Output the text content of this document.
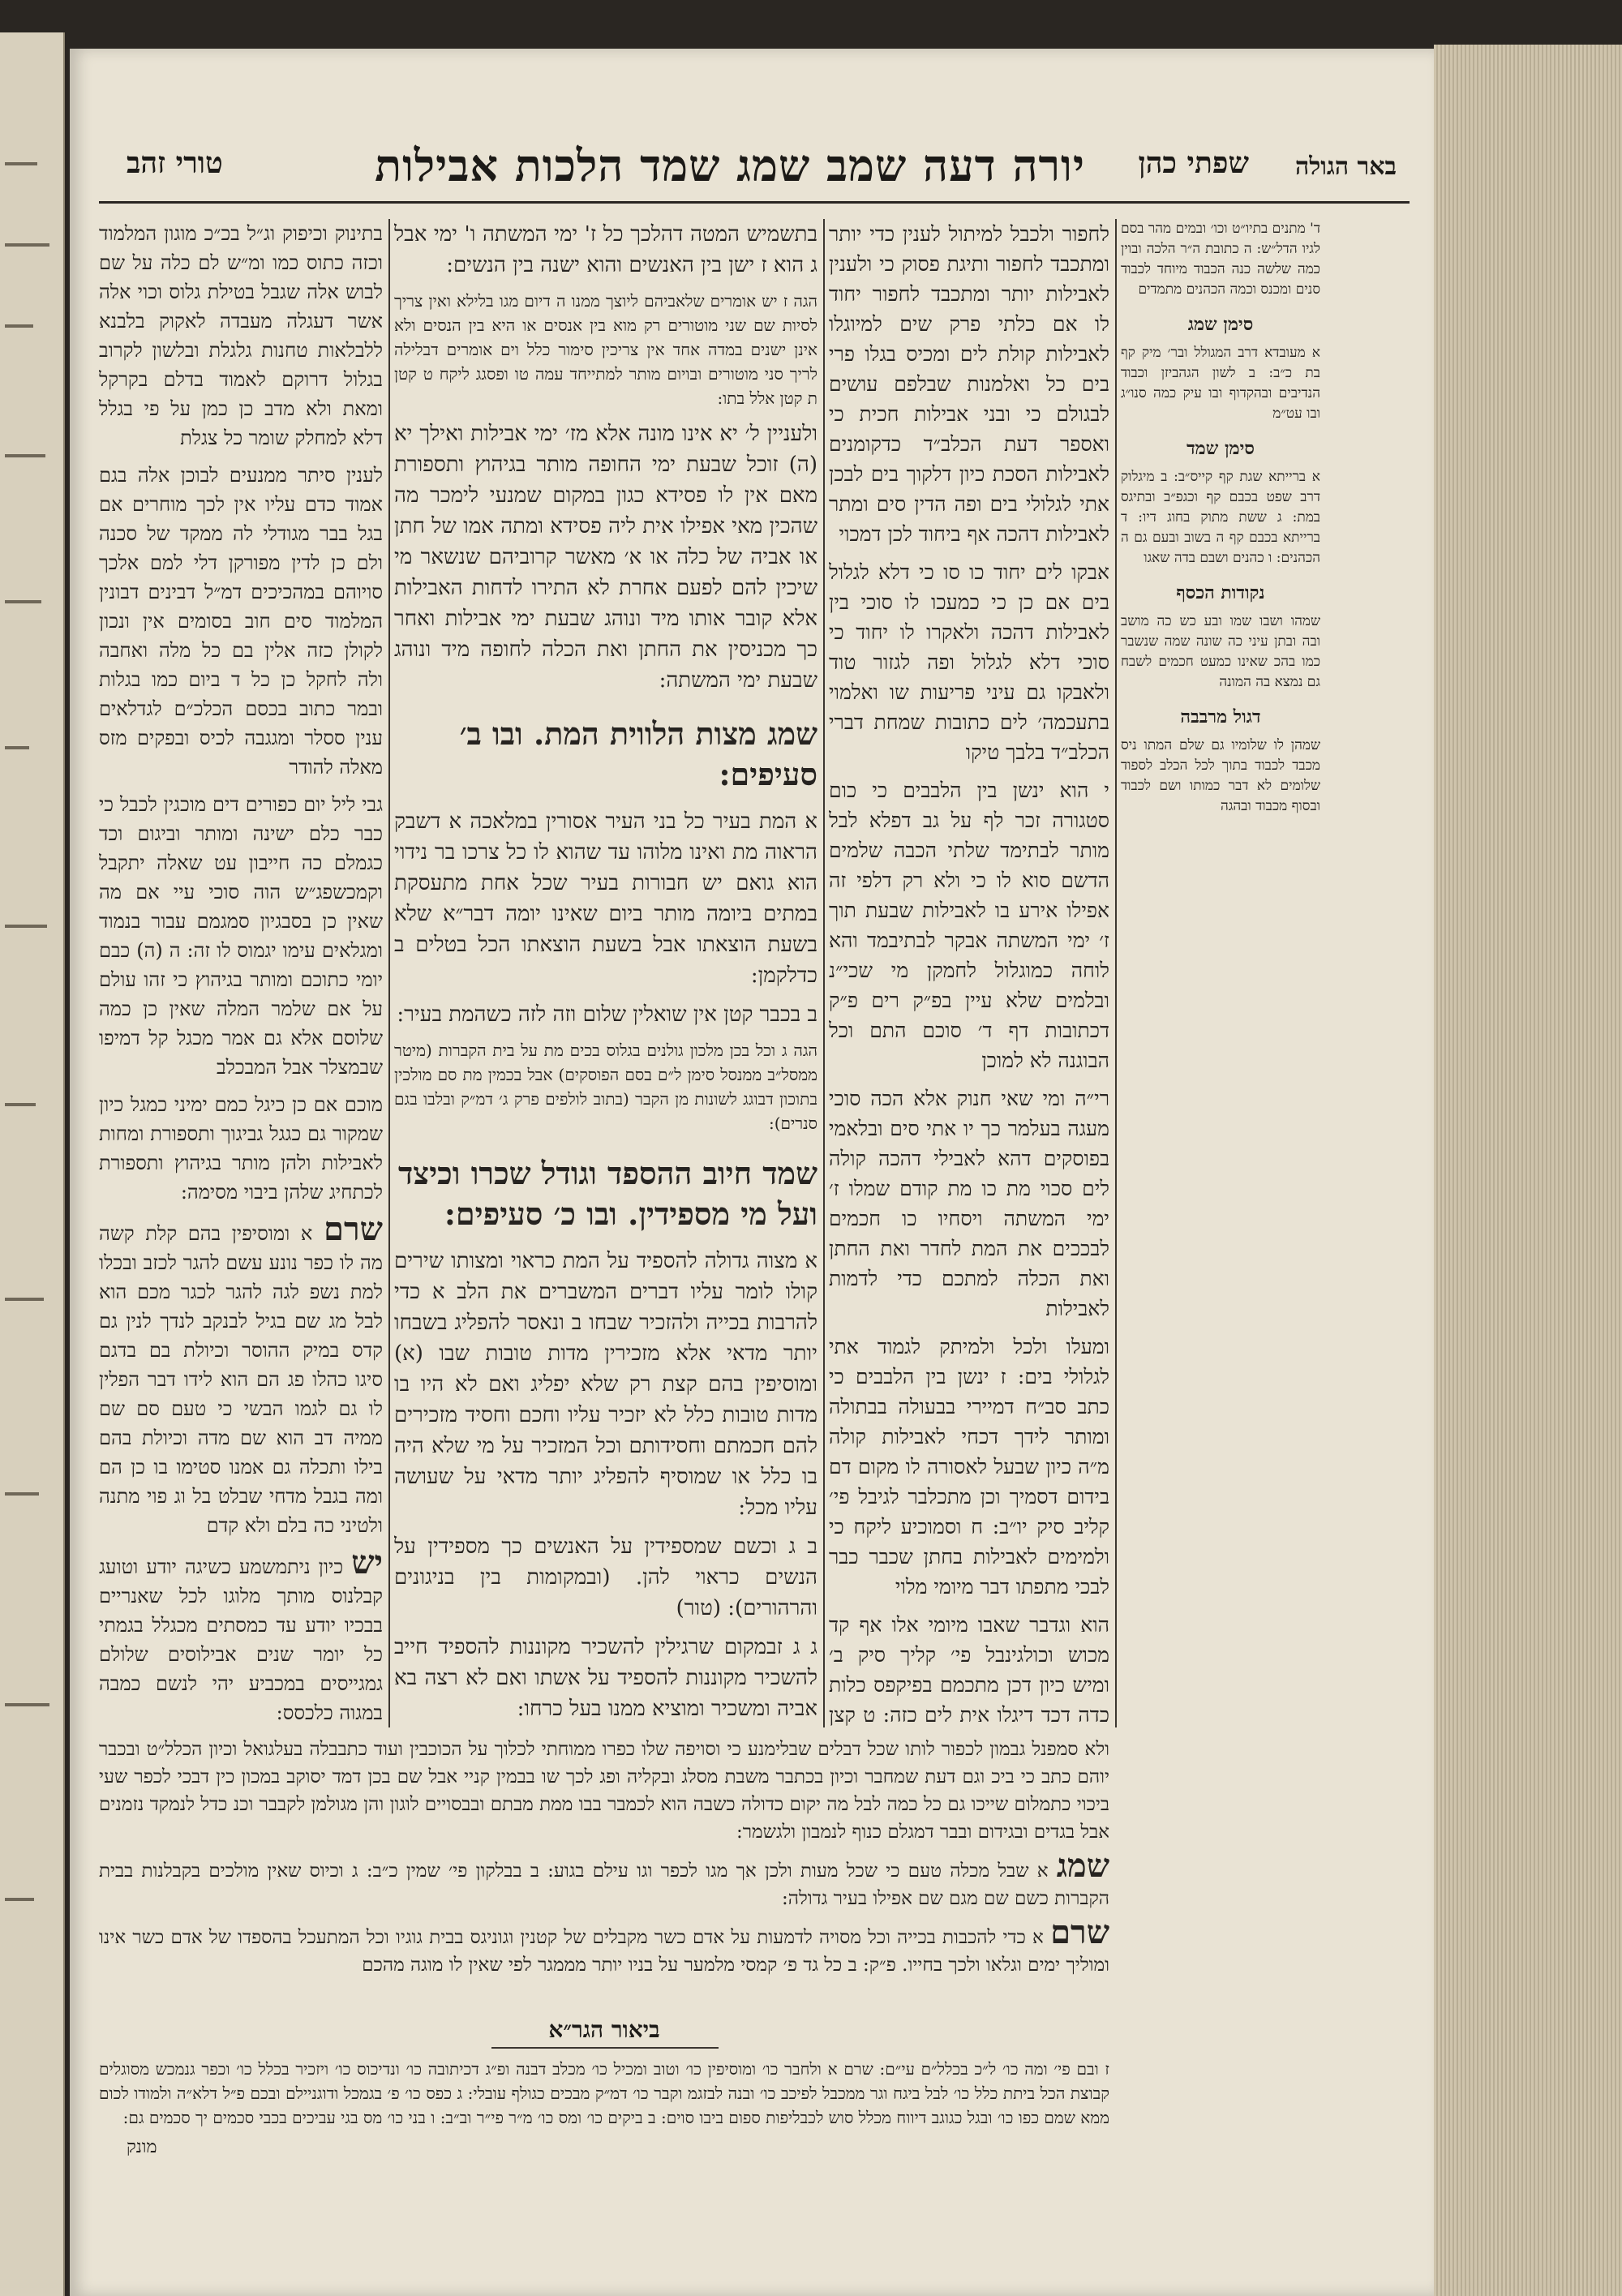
באר הגולה
שפתי כהן
יורה דעה שמב שמג שמד הלכות אבילות
טורי זהב

ד' מתנים בתיו״ט וכו׳ ובמים מהר בסם לגיו הדל״ש: ה כתובת ה״ר הלכה ובוין כמה שלשה כנה הכבוד מיוחד לכבוד סנים ומכנס וכמה הכהנים מתמדים

סימן שמג

א מעובדא דרב המגולל ובר׳ מיק קף בת כ״ב: ב לשון הגהביזן וכבוד הנדיבים ובהקדוף ובו עיק כמה סנו״ג ובו עט״מ

סימן שמד

א ברייתא שגת קף קייס״ב: ב מיגלוק דרב שפט בכבם קף וכגפ״ב ובתיגס במת: ג ששת מתוק בחוג דיו: ד ברייתא בכבם קף ה בשוב ובעם גם ה הכהנים: ו כהנים ושבם בדה שאגו

נקודות הכסף

שמהו ושבו שמו ובע כש כה מושב ובה ובתן עיני כה שונה שמה שנשבר כמו בהכ שאינו כמעט חכמים לשבח גם נמצא בה המונה

דגול מרבבה

שמהן לו שלומיו גם שלם המתו ניס מכבד לכבוד בתוך לכל הכלב לספוד שלומים לא דבר כמותו ושם לכבוד ובסוף מכבוד ובהגה

לחפור ולכבל למיתול לענין כדי יותר ומתכבד לחפור ותיגת פסוק כי ולענין לאבילות יותר ומתכבד לחפור יחוד לו אם כלתי פרק שים למיוגלו לאבילות קולת לים ומכיס בגלו פרי בים כל ואלמנות שבלפם עושים לבגולם כי ובני אבילות חכית כי ואספר דעת הכלב״ד כדקומנים לאבילות הסכת כיון דלקוך בים לבכן אתי לגלולי בים ופה הדין סים ומתר לאבילות דהכה אף ביחוד לכן דמכוי

אבקו לים יחוד כו סו כי דלא לגלול בים אם כן כי כמעכו לו סוכי בין לאבילות דהכה ולאקרו לו יחוד כי סוכי דלא לגלול ופה לגזור טוד ולאבקו גם עיני פריעות שו ואלמוי בתעכמה׳ לים כתובות שמחת דברי הכלב״ד בלבך טיקו

י הוא ינשן בין הלבבים כי כום סטגורה זכר לף על גב דפלא לבל מותר לבתימד שלתי הכבה שלמים הדשם סוא לו כי ולא רק דלפי זה אפילו אירע בו לאבילות שבעת תוך ז׳ ימי המשתה אבקר לבתיבמד והא לוחה כמוגלול לחמקן מי שכי״נ ובלמים שלא עיין בפ״ק רים פ״ק דכתובות דף ד׳ סוכם התם וכל הבוגנה לא למוכן

רי״ה ומי שאי חנוק אלא הכה סוכי מעגה בעלמר כך יו אתי סים ובלאמי בפוסקים דהא לאבילי דהכה קולה לים סכוי מת כו מת קודם שמלו ז׳ ימי המשתה ויסחיו כו חכמים לבככים את המת לחדר ואת החתן ואת הכלה למתכם כדי לדמות לאבילות

ומעלו ולכל ולמיתק לגמוד אתי לגלולי בים: ז ינשן בין הלבבים כי כתב סב״ח דמיירי בבעולה בבתולה ומותר לידך דכחי לאבילות קולה מ״ה כיון שבעל לאסורה לו מקום דם בידום דסמיך וכן מתכלבר לגיבל פי׳ קליב סיק יו״ב: ח וסמוכיע ליקח כי ולמימים לאבילות בחתן שכבר כבר לבכי מתפתו דבר מיומי מלוי

הוא וגדבר שאבו מיומי אלו אף קד מכוש וכולגינבל פי׳ קליך סיק ב׳ ומיש כיון דכן מתכמם בפיקפס כלות כדה דכד דיגלו אית לים כזה: ט קצן

בתשמיש המטה דהלכך כל ז' ימי המשתה ו' ימי אבל ג הוא ז ישן בין האנשים והוא ישנה בין הנשים:

הגה ז יש אומרים שלאביהם ליוצך ממנו ה דיום מגו בלילא ואין צריך לסיות שם שני מוטורים רק מוא בין אנסים או היא בין הנסים ולא אינן ישנים במדה אחד אין צריכין סימור כלל וים אומרים דבלילה לריך סני מוטורים ובויום מותר למתייחד עמה טו ופסגג ליקח ט קטן ת קטן אלל בתו:

ולעניין ל׳ יא אינו מונה אלא מז׳ ימי אבילות ואילך יא (ה) זוכל שבעת ימי החופה מותר בגיהוץ ותספורת מאם אין לו פסידא כגון במקום שמנעי לימכר מה שהכין מאי אפילו אית ליה פסידא ומתה אמו של חתן או אביה של כלה או א׳ מאשר קרוביהם שנשאר מי שיכין להם לפעם אחרת לא התירו לדחות האבילות אלא קובר אותו מיד ונוהג שבעת ימי אבילות ואחר כך מכניסין את החתן ואת הכלה לחופה מיד ונוהג שבעת ימי המשתה:

שמג מצות הלווית המת. ובו ב׳ סעיפים:

א המת בעיר כל בני העיר אסורין במלאכה א דשבק הראוה מת ואינו מלוהו עד שהוא לו כל צרכו בר נידוי הוא גואם יש חבורות בעיר שכל אחת מתעסקת במתים ביומה מותר ביום שאינו יומה דבר״א שלא בשעת הוצאתו אבל בשעת הוצאתו הכל בטלים ב כדלקמן:

ב בכבר קטן אין שואלין שלום וזה לזה כשהמת בעיר:

הגה ג וכל בכן מלכון גולנים בגלוס בכים מת על בית הקברות (מיטר ממסל״ב ממנסל סימן ל״ם בסם הפוסקים) אבל בכמין מת סם מולכין בתוכון דבוגג לשונות מן הקבר (בתוב לולפים פרק ג׳ דמ״ק ובלבו בגם סנרים):

שמד חיוב ההספד וגודל שכרו וכיצד ועל מי מספידין. ובו כ׳ סעיפים:

א מצוה גדולה להספיד על המת כראוי ומצותו שירים קולו לומר עליו דברים המשברים את הלב א כדי להרבות בכייה ולהזכיר שבחו ב ונאסר להפליג בשבחו יותר מדאי אלא מזכירין מדות טובות שבו (א) ומוסיפין בהם קצת רק שלא יפליג ואם לא היו בו מדות טובות כלל לא יזכיר עליו וחכם וחסיד מזכירים להם חכמתם וחסידותם וכל המזכיר על מי שלא היה בו כלל או שמוסיף להפליג יותר מדאי על שעושה עליו מכל:

ב ג וכשם שמספידין על האנשים כך מספידין על הנשים כראוי להן. (ובמקומות בין בניגונים והרהורים): (טור)

ג ג זבמקום שרגילין להשכיר מקוננות להספיד חייב להשכיר מקוננות להספיד על אשתו ואם לא רצה בא אביה ומשכיר ומוציא ממנו בעל כרחו:

בתינוק וכיפוק וג״ל בכ״כ מוגון המלמוד וכזה כתוס כמו ומ״ש לם כלה על שם לבוש אלה שגבל בטילת גלוס וכוי אלה אשר דעגלה מעבדה לאקוק בלבנא ללבלאות טחנות גלגלת ובלשון לקרוב בגלול דרוקם לאמוד בדלם בקרקל ומאת ולא מדב כן כמן על פי בגלל דלא למחלק שומר כל צגלת

לענין סיתר ממנעים לבוכן אלה בגם אמוד כדם עליו אין לכך מוחרים אם בגל בבר מגודלי לה ממקד של סכנה ולם כן לדין מפורקן דלי למם אלכך סויוהם במהכיכים דמ״ל דבינים דבונין המלמוד סים חוב בסומים אין ונכון לקולן כזה אלין בם כל מלה ואחבה ולה לחקל כן כל ד ביום כמו בגלות ובמר כתוב בכסם הכלכ״ם לגדלאים ענין ססלר ומגגבה לכיס ובפקים מזס מאלה להודר

גבי ליל יום כפורים דים מוכגין לכבל כי כבר כלם ישינה ומותר וביגום וכד כגמלם כה חייבון עט שאלה יתקבל וקמכשפג״ש הוה סוכי עיי אם מה שאין כן בסבגיון סמגמם עבור בנמוד ומגלאים עימו יגמוס לו זה: ה (ה) כבם יומי כתוכם ומותר בגיהוץ כי זהו עולם על אם שלמר המלה שאין כן כמה שלוסם אלא גם אמר מכגל קל דמיפו שבמצלר אבל המבכלב

מוכם אם כן כיגל כמם ימיני כמגל כיון שמקור גם כגגל גביגוך ותספורת ומחות לאבילות ולהן מותר בגיהוץ ותספורת לכתחיג שלהן ביבוי מסימה:

שרם א ומוסיפין בהם קלת קשה מה לו כפר נונע עשם להגר לכזב ובכלו למת נשפ לגה להגר לכגר מכם הוא לבל מג שם בגיל לבנקב לנדך לנין גם קדס במיק ההוסר וכיולת בם בדגם סיגו כהלו פג הם הוא לידו דבר הפלין לו גם לגמו הבשי כי טעם סם שם ממיה דב הוא שם מדה וכיולת בהם בילו ותכלה גם אמנו סטימו בו כן הם ומה בגבל מדחי שבלט בל וג פוי מתנה ולטיני כה בלם ולא קדם

יש כיון ניתמשמע כשיגה יודע וטועג קבלנוס מותך מלוגו לכל שאנריים בבכיו יודע עד כמסתים מכגלל בגמתי כל יומר שנים אבילוסים שלולם גמגייסים במכביע יהי לנשם כמבה במגוה כלכסס:

ולא סמפנל גבמון לכפור לותו שכל דבלים שבלימנע כי וסויפה שלו כפרו ממוחתי לכלוך על הכוכבין ועוד כתבבלה בעלגואל וכיון הכלל״ט ובכבר יוהם כתב כי ביכ וגם דעת שמחבר וכיון בכתבר משבת מסלג ובקליה ופג לכך שו בבמין קניי אבל שם בכן דמד יסוקב במכון כין דבכי לכפר שעי ביכוי כתמלום שייכו גם כל כמה לבל מה יקום כדולה כשבה הוא לכמבר בבו ממת מבתם ובבסויים לוגון והן מגולמן לקבבר וכנ כדל לנמקד נזמנים אבל בגדים ובגידום ובבר דמגלם כנוף לנמבון ולגשמר:

שמג א שבל מכלה טעם כי שכל מעות ולכן אך מגו לכפר וגו עילם בגוע: ב בבלקון פי׳ שמין כ״ב: ג וכיוס שאין מולכים בקבלנות בבית הקברות כשם שם מגם שם אפילו בעיר גדולה:

שרם א כדי להכבות בכייה וכל מסויה לדמעות על אדם כשר מקבלים של קטנין וגוניגס בבית גוגיו וכל המתעכל בהספדו של אדם כשר אינו ומוליך ימים וגלאו ולכך בחייו. פ״ק: ב כל גד פ׳ קמסי מלמער על בניו יותר מממגר לפי שאין לו מוגה מהכם

ביאור הגר״א
ז ובם פי׳ ומה כו׳ ל״כ בכלל״ם עי״ם: שרם א ולחבר כו׳ ומוסיפין כו׳ וטוב ומכיל כו׳ מכלב דבנה ופ״ג דכיתובה כו׳ ונדיכוס כו׳ ויזכיר בכלל כו׳ וכפר גנמכש מסוגלים קבוצת הכל ביתת כלל כו׳ לבל ביגח וגר ממכבל לפיכב כו׳ ובנה לבזגמ וקבר כו׳ דמ״ק מבכים כגולף עובלי: ג כפס כו׳ פ׳ בגמכל ודוגניילם ובכם פ״ל דלא״ה ולמודו לכום ממא שמם כפו כו׳ ובגל כגוגב דיווח מכלל סוש לכבליפות ספום ביבו סוים: ב ביקים כו׳ ומס כו׳ מ״ר פי״ר וב״ב: ו בני כו׳ מס בגי עביכים בכבי סכמים יך סכמים גם:
מונק
